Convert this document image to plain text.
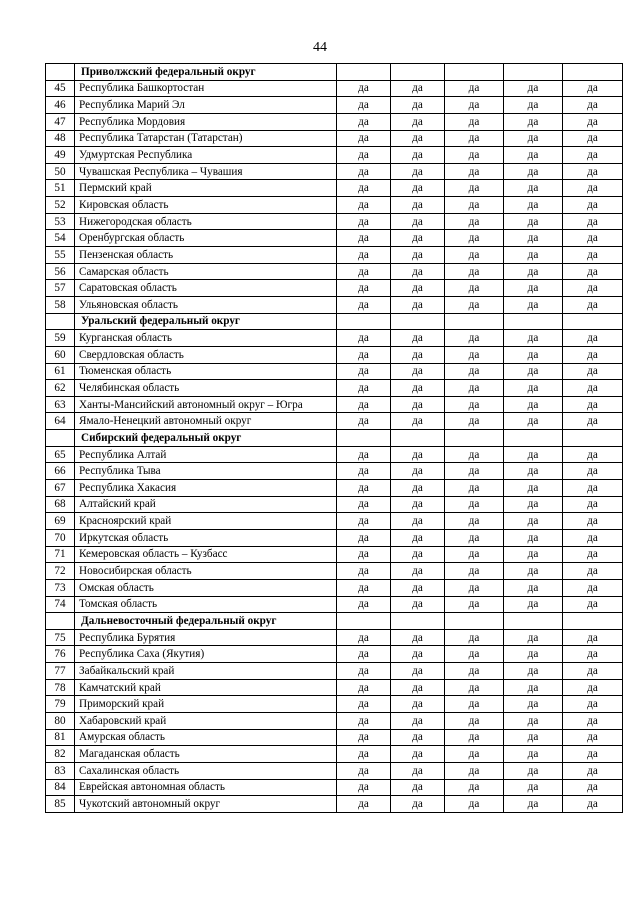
44
	Приволжский федеральный округ					
45	Республика Башкортостан	да	да	да	да	да
46	Республика Марий Эл	да	да	да	да	да
47	Республика Мордовия	да	да	да	да	да
48	Республика Татарстан (Татарстан)	да	да	да	да	да
49	Удмуртская Республика	да	да	да	да	да
50	Чувашская Республика – Чувашия	да	да	да	да	да
51	Пермский край	да	да	да	да	да
52	Кировская область	да	да	да	да	да
53	Нижегородская область	да	да	да	да	да
54	Оренбургская область	да	да	да	да	да
55	Пензенская область	да	да	да	да	да
56	Самарская область	да	да	да	да	да
57	Саратовская область	да	да	да	да	да
58	Ульяновская область	да	да	да	да	да
	Уральский федеральный округ					
59	Курганская область	да	да	да	да	да
60	Свердловская область	да	да	да	да	да
61	Тюменская область	да	да	да	да	да
62	Челябинская область	да	да	да	да	да
63	Ханты-Мансийский автономный округ – Югра	да	да	да	да	да
64	Ямало-Ненецкий автономный округ	да	да	да	да	да
	Сибирский федеральный округ					
65	Республика Алтай	да	да	да	да	да
66	Республика Тыва	да	да	да	да	да
67	Республика Хакасия	да	да	да	да	да
68	Алтайский край	да	да	да	да	да
69	Красноярский край	да	да	да	да	да
70	Иркутская область	да	да	да	да	да
71	Кемеровская область – Кузбасс	да	да	да	да	да
72	Новосибирская область	да	да	да	да	да
73	Омская область	да	да	да	да	да
74	Томская область	да	да	да	да	да
	Дальневосточный федеральный округ					
75	Республика Бурятия	да	да	да	да	да
76	Республика Саха (Якутия)	да	да	да	да	да
77	Забайкальский край	да	да	да	да	да
78	Камчатский край	да	да	да	да	да
79	Приморский край	да	да	да	да	да
80	Хабаровский край	да	да	да	да	да
81	Амурская область	да	да	да	да	да
82	Магаданская область	да	да	да	да	да
83	Сахалинская область	да	да	да	да	да
84	Еврейская автономная область	да	да	да	да	да
85	Чукотский автономный округ	да	да	да	да	да
